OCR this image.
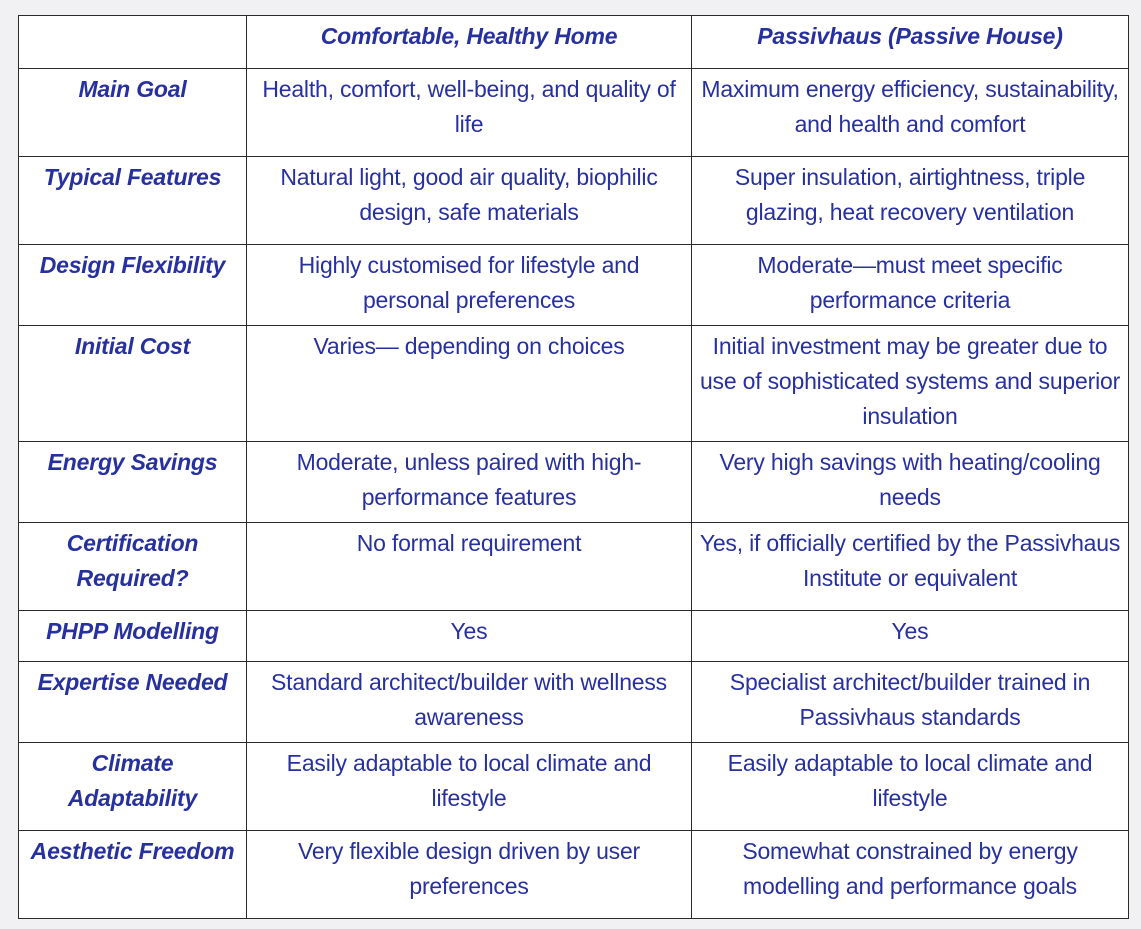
	Comfortable, Healthy Home	Passivhaus (Passive House)
Main Goal	Health, comfort, well-being, and quality of life	Maximum energy efficiency, sustainability, and health and comfort
Typical Features	Natural light, good air quality, biophilic design, safe materials	Super insulation, airtightness, triple glazing, heat recovery ventilation
Design Flexibility	Highly customised for lifestyle and personal preferences	Moderate—must meet specific performance criteria
Initial Cost	Varies— depending on choices	Initial investment may be greater due to use of sophisticated systems and superior insulation
Energy Savings	Moderate, unless paired with high-performance features	Very high savings with heating/cooling needs
Certification Required?	No formal requirement	Yes, if officially certified by the Passivhaus Institute or equivalent
PHPP Modelling	Yes	Yes
Expertise Needed	Standard architect/builder with wellness awareness	Specialist architect/builder trained in Passivhaus standards
Climate Adaptability	Easily adaptable to local climate and lifestyle	Easily adaptable to local climate and lifestyle
Aesthetic Freedom	Very flexible design driven by user preferences	Somewhat constrained by energy modelling and performance goals
